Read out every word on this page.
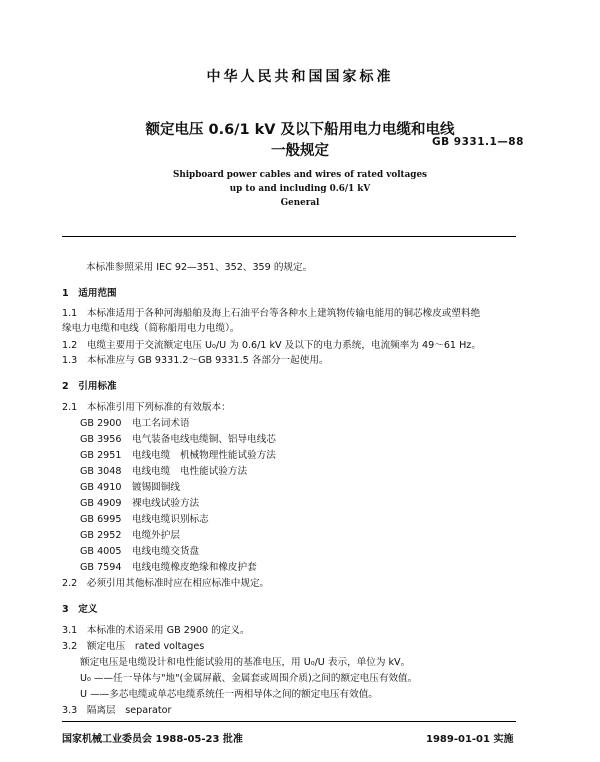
中华人民共和国国家标准
额定电压 0.6/1 kV 及以下船用电力电缆和电线
一般规定
GB 9331.1—88
Shipboard power cables and wires of rated voltages
up to and including 0.6/1 kV
General
本标准参照采用 IEC 92—351、352、359 的规定。
1　适用范围
1.1　本标准适用于各种河海船舶及海上石油平台等各种水上建筑物传输电能用的铜芯橡皮或塑料绝
缘电力电缆和电线（简称船用电力电缆）。
1.2　电缆主要用于交流额定电压 U₀/U 为 0.6/1 kV 及以下的电力系统，电流频率为 49～61 Hz。
1.3　本标准应与 GB 9331.2～GB 9331.5 各部分一起使用。
2　引用标准
2.1　本标准引用下列标准的有效版本：
GB 2900 电工名词术语
GB 3956 电气装备电线电缆铜、铝导电线芯
GB 2951 电线电缆　机械物理性能试验方法
GB 3048 电线电缆　电性能试验方法
GB 4910 镀锡圆铜线
GB 4909 裸电线试验方法
GB 6995 电线电缆识别标志
GB 2952 电缆外护层
GB 4005 电线电缆交货盘
GB 7594 电线电缆橡皮绝缘和橡皮护套
2.2　必须引用其他标准时应在相应标准中规定。
3　定义
3.1　本标准的术语采用 GB 2900 的定义。
3.2　额定电压　rated voltages
额定电压是电缆设计和电性能试验用的基准电压，用 U₀/U 表示，单位为 kV。
U₀ ——任一导体与"地"(金属屏蔽、金属套或周围介质)之间的额定电压有效值。
U ——多芯电缆或单芯电缆系统任一两相导体之间的额定电压有效值。
3.3　隔离层　separator
国家机械工业委员会 1988-05-23 批准	1989-01-01 实施
